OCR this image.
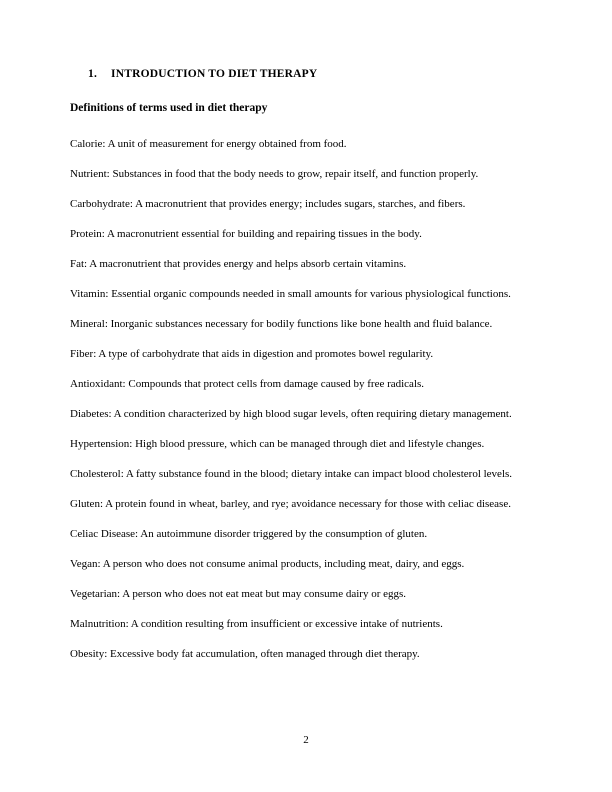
1. INTRODUCTION TO DIET THERAPY
Definitions of terms used in diet therapy

Calorie: A unit of measurement for energy obtained from food.

Nutrient: Substances in food that the body needs to grow, repair itself, and function properly.

Carbohydrate: A macronutrient that provides energy; includes sugars, starches, and fibers.

Protein: A macronutrient essential for building and repairing tissues in the body.

Fat: A macronutrient that provides energy and helps absorb certain vitamins.

Vitamin: Essential organic compounds needed in small amounts for various physiological functions.

Mineral: Inorganic substances necessary for bodily functions like bone health and fluid balance.

Fiber: A type of carbohydrate that aids in digestion and promotes bowel regularity.

Antioxidant: Compounds that protect cells from damage caused by free radicals.

Diabetes: A condition characterized by high blood sugar levels, often requiring dietary management.

Hypertension: High blood pressure, which can be managed through diet and lifestyle changes.

Cholesterol: A fatty substance found in the blood; dietary intake can impact blood cholesterol levels.

Gluten: A protein found in wheat, barley, and rye; avoidance necessary for those with celiac disease.

Celiac Disease: An autoimmune disorder triggered by the consumption of gluten.

Vegan: A person who does not consume animal products, including meat, dairy, and eggs.

Vegetarian: A person who does not eat meat but may consume dairy or eggs.

Malnutrition: A condition resulting from insufficient or excessive intake of nutrients.

Obesity: Excessive body fat accumulation, often managed through diet therapy.

2
